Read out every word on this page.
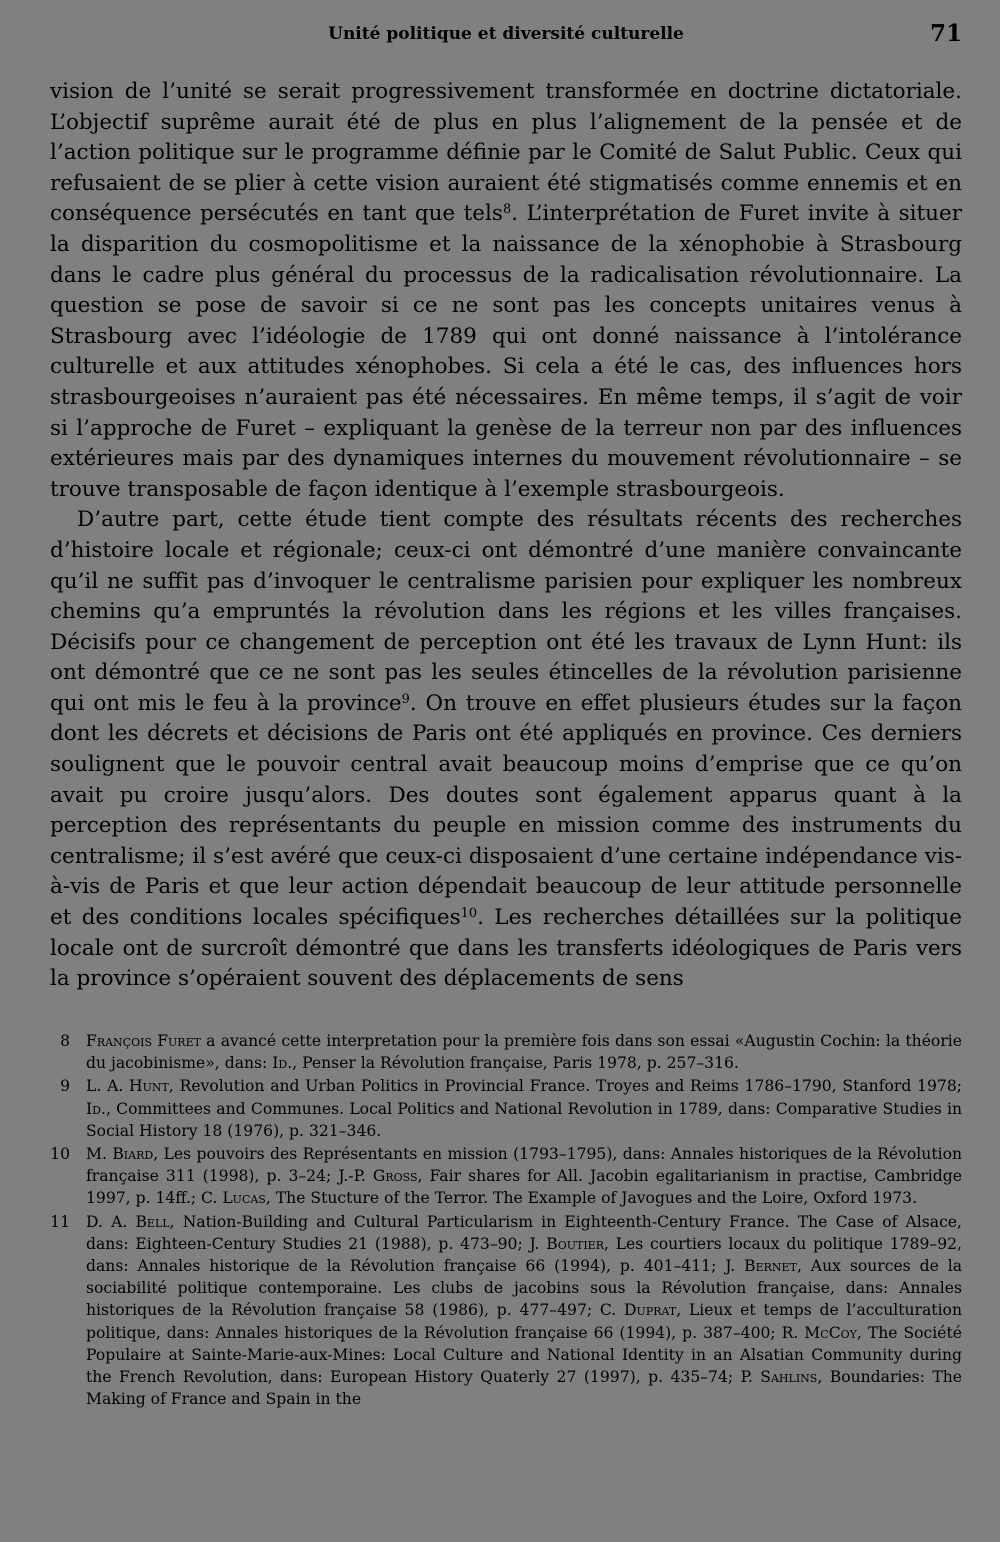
Unité politique et diversité culturelle	71

vision de l’unité se serait progressivement transformée en doctrine dictatoriale. L’objectif suprême aurait été de plus en plus l’alignement de la pensée et de l’action politique sur le programme définie par le Comité de Salut Public. Ceux qui refusaient de se plier à cette vision auraient été stigmatisés comme ennemis et en conséquence persécutés en tant que tels$^8$. L’interprétation de Furet invite à situer la disparition du cosmopolitisme et la naissance de la xénophobie à Strasbourg dans le cadre plus général du processus de la radicalisation révolutionnaire. La question se pose de savoir si ce ne sont pas les concepts unitaires venus à Strasbourg avec l’idéologie de 1789 qui ont donné naissance à l’intolérance culturelle et aux attitudes xénophobes. Si cela a été le cas, des influences hors strasbourgeoises n’auraient pas été nécessaires. En même temps, il s’agit de voir si l’approche de Furet – expliquant la genèse de la terreur non par des influences extérieures mais par des dynamiques internes du mouvement révolutionnaire – se trouve transposable de façon identique à l’exemple strasbourgeois.

D’autre part, cette étude tient compte des résultats récents des recherches d’histoire locale et régionale; ceux-ci ont démontré d’une manière convaincante qu’il ne suffit pas d’invoquer le centralisme parisien pour expliquer les nombreux chemins qu’a empruntés la révolution dans les régions et les villes françaises. Décisifs pour ce changement de perception ont été les travaux de Lynn Hunt: ils ont démontré que ce ne sont pas les seules étincelles de la révolution parisienne qui ont mis le feu à la province$^9$. On trouve en effet plusieurs études sur la façon dont les décrets et décisions de Paris ont été appliqués en province. Ces derniers soulignent que le pouvoir central avait beaucoup moins d’emprise que ce qu’on avait pu croire jusqu’alors. Des doutes sont également apparus quant à la perception des représentants du peuple en mission comme des instruments du centralisme; il s’est avéré que ceux-ci disposaient d’une certaine indépendance vis-à-vis de Paris et que leur action dépendait beaucoup de leur attitude personnelle et des conditions locales spécifiques$^{10}$. Les recherches détaillées sur la politique locale ont de surcroît démontré que dans les transferts idéologiques de Paris vers la province s’opéraient souvent des déplacements de sens

8 François Furet a avancé cette interpretation pour la première fois dans son essai «Augustin Cochin: la théorie du jacobinisme», dans: Id., Penser la Révolution française, Paris 1978, p. 257–316.
9 L. A. Hunt, Revolution and Urban Politics in Provincial France. Troyes and Reims 1786–1790, Stanford 1978; Id., Committees and Communes. Local Politics and National Revolution in 1789, dans: Comparative Studies in Social History 18 (1976), p. 321–346.
10 M. Biard, Les pouvoirs des Représentants en mission (1793–1795), dans: Annales historiques de la Révolution française 311 (1998), p. 3–24; J.-P. Gross, Fair shares for All. Jacobin egalitarianism in practise, Cambridge 1997, p. 14ff.; C. Lucas, The Stucture of the Terror. The Example of Javogues and the Loire, Oxford 1973.
11 D. A. Bell, Nation-Building and Cultural Particularism in Eighteenth-Century France. The Case of Alsace, dans: Eighteen-Century Studies 21 (1988), p. 473–90; J. Boutier, Les courtiers locaux du politique 1789–92, dans: Annales historique de la Révolution française 66 (1994), p. 401–411; J. Bernet, Aux sources de la sociabilité politique contemporaine. Les clubs de jacobins sous la Révolution française, dans: Annales historiques de la Révolution française 58 (1986), p. 477–497; C. Duprat, Lieux et temps de l’acculturation politique, dans: Annales historiques de la Révolution française 66 (1994), p. 387–400; R. McCoy, The Société Populaire at Sainte-Marie-aux-Mines: Local Culture and National Identity in an Alsatian Community during the French Revolution, dans: European History Quaterly 27 (1997), p. 435–74; P. Sahlins, Boundaries: The Making of France and Spain in the
